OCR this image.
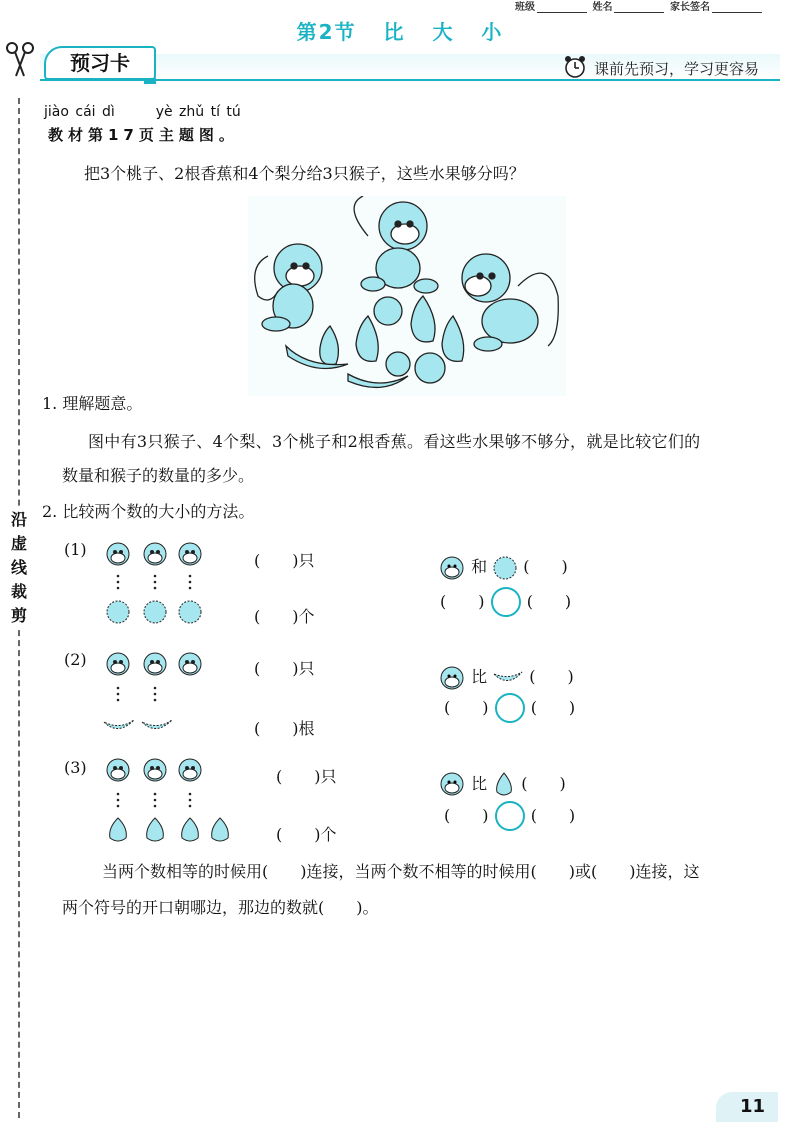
班级	姓名	家长签名
第2节 比 大 小
预习卡	课前先预习，学习更容易
沿
虚
线
裁
剪
jiào cái dì	yè zhǔ tí tú
教材第17页主题图。
把3个桃子、2根香蕉和4个梨分给3只猴子，这些水果够分吗？
1. 理解题意。
图中有3只猴子、4个梨、3个桃子和2根香蕉。看这些水果够不够分，就是比较它们的
数量和猴子的数量的多少。
2. 比较两个数的大小的方法。
(1)
(　　)只
(　　)个
和 (　　)
(　　)	(　　)
(2)	(　　)只
(　　)根
比	(　　)
(　　)	(　　)
(3)	(　　)只
(　　)个
比 (　　)
(　　)	(　　)
当两个数相等的时候用(　　 )连接，当两个数不相等的时候用(　　 )或(　　 )连接，这
两个符号的开口朝哪边，那边的数就(　　 )。
11
